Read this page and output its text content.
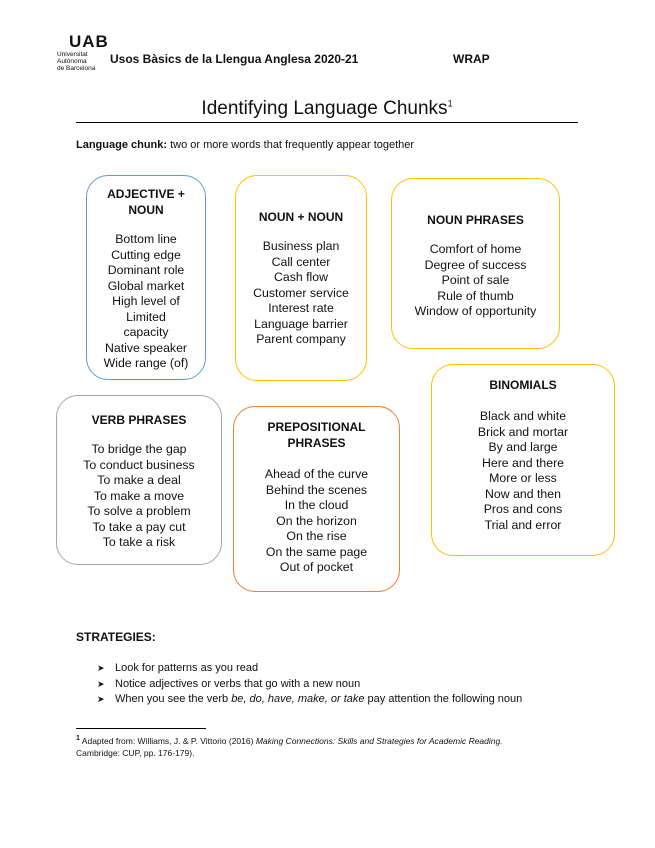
UAB
Universitat Autònoma
de Barcelona
Usos Bàsics de la Llengua Anglesa 2020-21	WRAP
Identifying Language Chunks$^1$
Language chunk: two or more words that frequently appear together
ADJECTIVE +
NOUN
Bottom line
Cutting edge
Dominant role
Global market
High level of
Limited
capacity
Native speaker
Wide range (of)
NOUN + NOUN
Business plan
Call center
Cash flow
Customer service
Interest rate
Language barrier
Parent company
NOUN PHRASES
Comfort of home
Degree of success
Point of sale
Rule of thumb
Window of opportunity
BINOMIALS
Black and white
Brick and mortar
By and large
Here and there
More or less
Now and then
Pros and cons
Trial and error
VERB PHRASES
To bridge the gap
To conduct business
To make a deal
To make a move
To solve a problem
To take a pay cut
To take a risk
PREPOSITIONAL
PHRASES
Ahead of the curve
Behind the scenes
In the cloud
On the horizon
On the rise
On the same page
Out of pocket
STRATEGIES:
➤ Look for patterns as you read
➤ Notice adjectives or verbs that go with a new noun
➤ When you see the verb be, do, have, make, or take pay attention the following noun
$^1$ Adapted from: Williams, J. & P. Vittorio (2016) Making Connections: Skills and Strategies for Academic Reading.
Cambridge: CUP, pp. 176-179).
